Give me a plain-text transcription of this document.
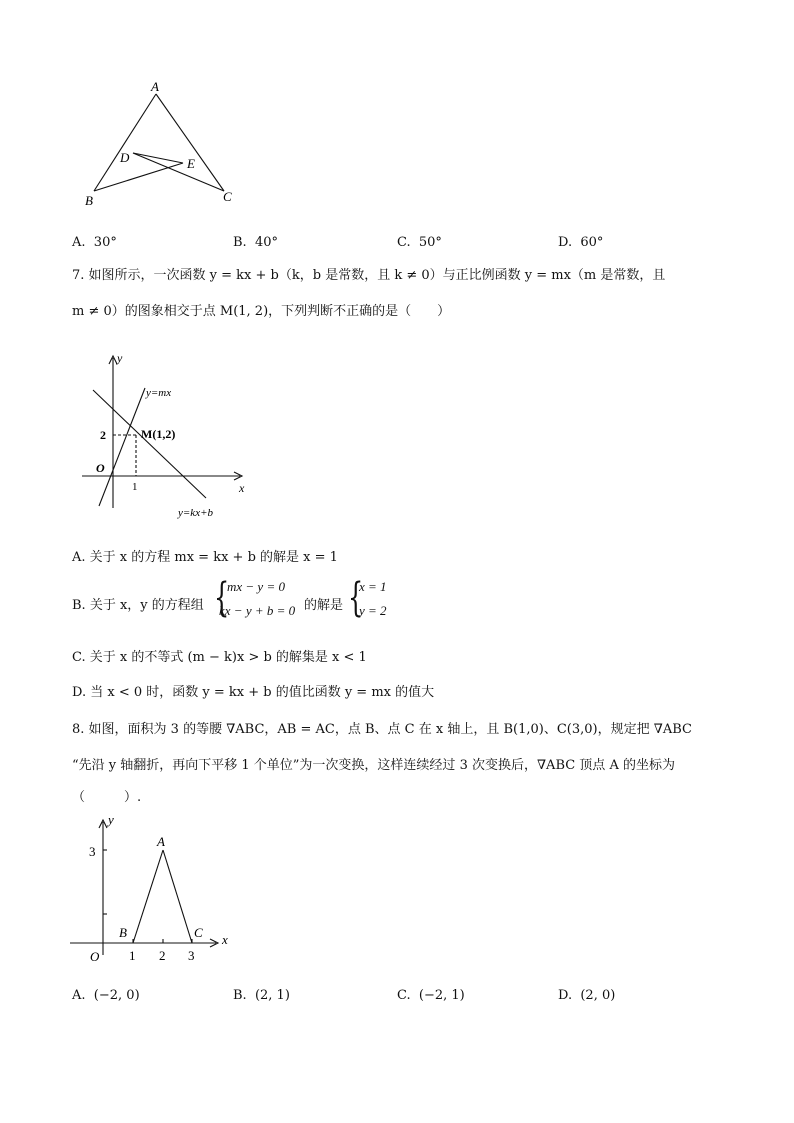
A
B	C
D	E
A. 30°	B. 40°	C. 50°	D. 60°
7. 如图所示，一次函数 y = kx + b（k，b 是常数，且 k ≠ 0）与正比例函数 y = mx（m 是常数，且
m ≠ 0）的图象相交于点 M(1, 2)，下列判断不正确的是（　　）
y
x
O
y=mx
y=kx+b
M(1,2)
2
1
A. 关于 x 的方程 mx = kx + b 的解是 x = 1
B. 关于 x，y 的方程组 {
mx − y = 0
kx − y + b = 0 的解是 {
x = 1
y = 2
C. 关于 x 的不等式 (m − k)x > b 的解集是 x < 1
D. 当 x < 0 时，函数 y = kx + b 的值比函数 y = mx 的值大
8. 如图，面积为 3 的等腰 ∇ABC，AB = AC，点 B、点 C 在 x 轴上，且 B(1,0)、C(3,0)，规定把 ∇ABC
“先沿 y 轴翻折，再向下平移 1 个单位”为一次变换，这样连续经过 3 次变换后，∇ABC 顶点 A 的坐标为
（　　　）.
y
x
O
A
B	C
3
1 2 3
A. (−2, 0)	B. (2, 1)	C. (−2, 1)	D. (2, 0)
